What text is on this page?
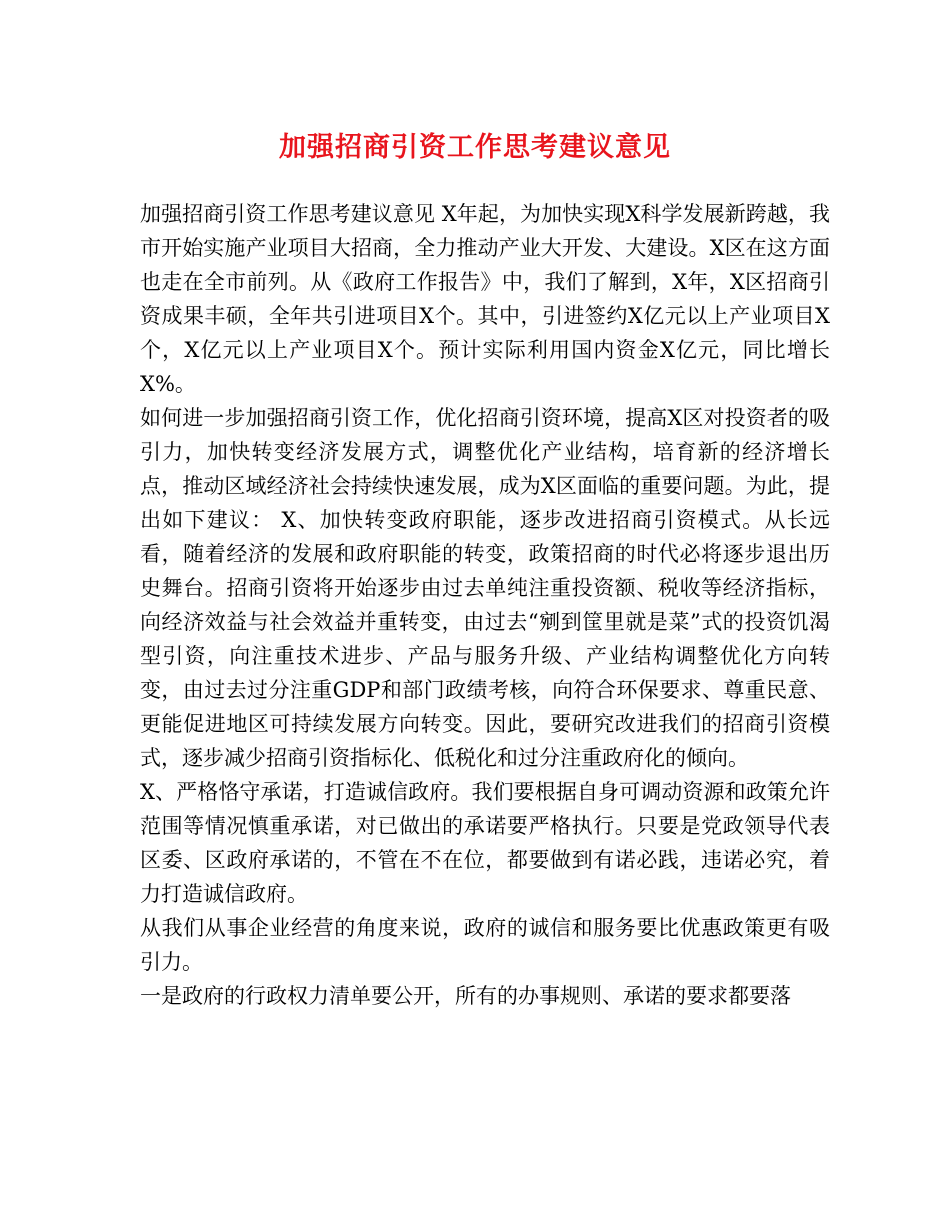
加强招商引资工作思考建议意见

加强招商引资工作思考建议意见 X年起，为加快实现X科学发展新跨越，我市开始实施产业项目大招商，全力推动产业大开发、大建设。X区在这方面也走在全市前列。从《政府工作报告》中，我们了解到，X年，X区招商引资成果丰硕，全年共引进项目X个。其中，引进签约X亿元以上产业项目X个，X亿元以上产业项目X个。预计实际利用国内资金X亿元，同比增长X%。

如何进一步加强招商引资工作，优化招商引资环境，提高X区对投资者的吸引力，加快转变经济发展方式，调整优化产业结构，培育新的经济增长点，推动区域经济社会持续快速发展，成为X区面临的重要问题。为此，提出如下建议： X、加快转变政府职能，逐步改进招商引资模式。从长远看，随着经济的发展和政府职能的转变，政策招商的时代必将逐步退出历史舞台。招商引资将开始逐步由过去单纯注重投资额、税收等经济指标，向经济效益与社会效益并重转变，由过去“剜到筐里就是菜”式的投资饥渴型引资，向注重技术进步、产品与服务升级、产业结构调整优化方向转变，由过去过分注重GDP和部门政绩考核，向符合环保要求、尊重民意、更能促进地区可持续发展方向转变。因此，要研究改进我们的招商引资模式，逐步减少招商引资指标化、低税化和过分注重政府化的倾向。

X、严格恪守承诺，打造诚信政府。我们要根据自身可调动资源和政策允许范围等情况慎重承诺，对已做出的承诺要严格执行。只要是党政领导代表区委、区政府承诺的，不管在不在位，都要做到有诺必践，违诺必究，着力打造诚信政府。

从我们从事企业经营的角度来说，政府的诚信和服务要比优惠政策更有吸引力。

一是政府的行政权力清单要公开，所有的办事规则、承诺的要求都要落
